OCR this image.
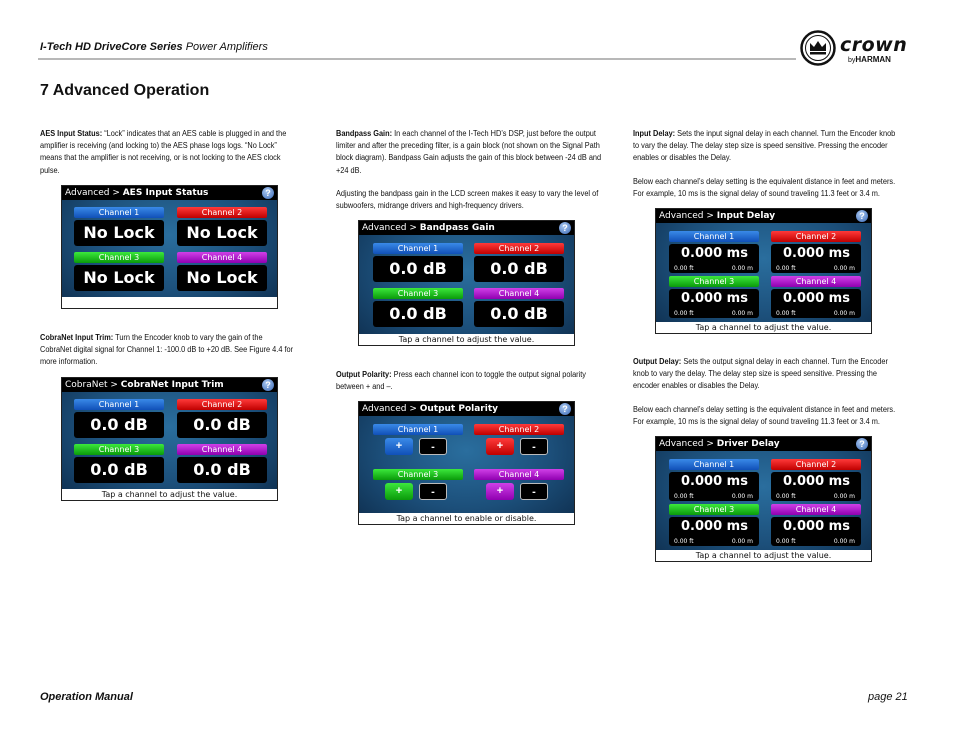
I-Tech HD DriveCore Series Power Amplifiers	crown
byHARMAN
7 Advanced Operation

AES Input Status: “Lock” indicates that an AES cable is plugged in and the amplifier is receiving (and locking to) the AES phase logs logs. “No Lock” means that the amplifier is not receiving, or is not locking to the AES clock pulse.

Advanced > AES Input Status	?
Channel 1
No Lock
Channel 2
No Lock
Channel 3
No Lock
Channel 4
No Lock

CobraNet Input Trim: Turn the Encoder knob to vary the gain of the CobraNet digital signal for Channel 1: -100.0 dB to +20 dB. See Figure 4.4 for more information.

CobraNet > CobraNet Input Trim	?
Channel 1
0.0 dB
Channel 2
0.0 dB
Channel 3
0.0 dB
Channel 4
0.0 dB
Tap a channel to adjust the value.

Bandpass Gain: In each channel of the I-Tech HD’s DSP, just before the output limiter and after the preceding filter, is a gain block (not shown on the Signal Path block diagram). Bandpass Gain adjusts the gain of this block between -24 dB and +24 dB.

Adjusting the bandpass gain in the LCD screen makes it easy to vary the level of subwoofers, midrange drivers and high-frequency drivers.

Advanced > Bandpass Gain	?
Channel 1
0.0 dB
Channel 2
0.0 dB
Channel 3
0.0 dB
Channel 4
0.0 dB
Tap a channel to adjust the value.

Output Polarity: Press each channel icon to toggle the output signal polarity between + and –.

Advanced > Output Polarity	?
Channel 1
+	-
Channel 2
+	-
Channel 3
+	-
Channel 4
+	-
Tap a channel to enable or disable.

Input Delay: Sets the input signal delay in each channel. Turn the Encoder knob to vary the delay. The delay step size is speed sensitive. Pressing the encoder enables or disables the Delay.

Below each channel’s delay setting is the equivalent distance in feet and meters. For example, 10 ms is the signal delay of sound traveling 11.3 feet or 3.4 m.

Advanced > Input Delay	?
Channel 1
0.000 ms
0.00 ft	0.00 m
Channel 2
0.000 ms
0.00 ft	0.00 m
Channel 3
0.000 ms
0.00 ft	0.00 m
Channel 4
0.000 ms
0.00 ft	0.00 m
Tap a channel to adjust the value.

Output Delay: Sets the output signal delay in each channel. Turn the Encoder knob to vary the delay. The delay step size is speed sensitive. Pressing the encoder enables or disables the Delay.

Below each channel’s delay setting is the equivalent distance in feet and meters. For example, 10 ms is the signal delay of sound traveling 11.3 feet or 3.4 m.

Advanced > Driver Delay	?
Channel 1
0.000 ms
0.00 ft	0.00 m
Channel 2
0.000 ms
0.00 ft	0.00 m
Channel 3
0.000 ms
0.00 ft	0.00 m
Channel 4
0.000 ms
0.00 ft	0.00 m
Tap a channel to adjust the value.
Operation Manual	page 21
